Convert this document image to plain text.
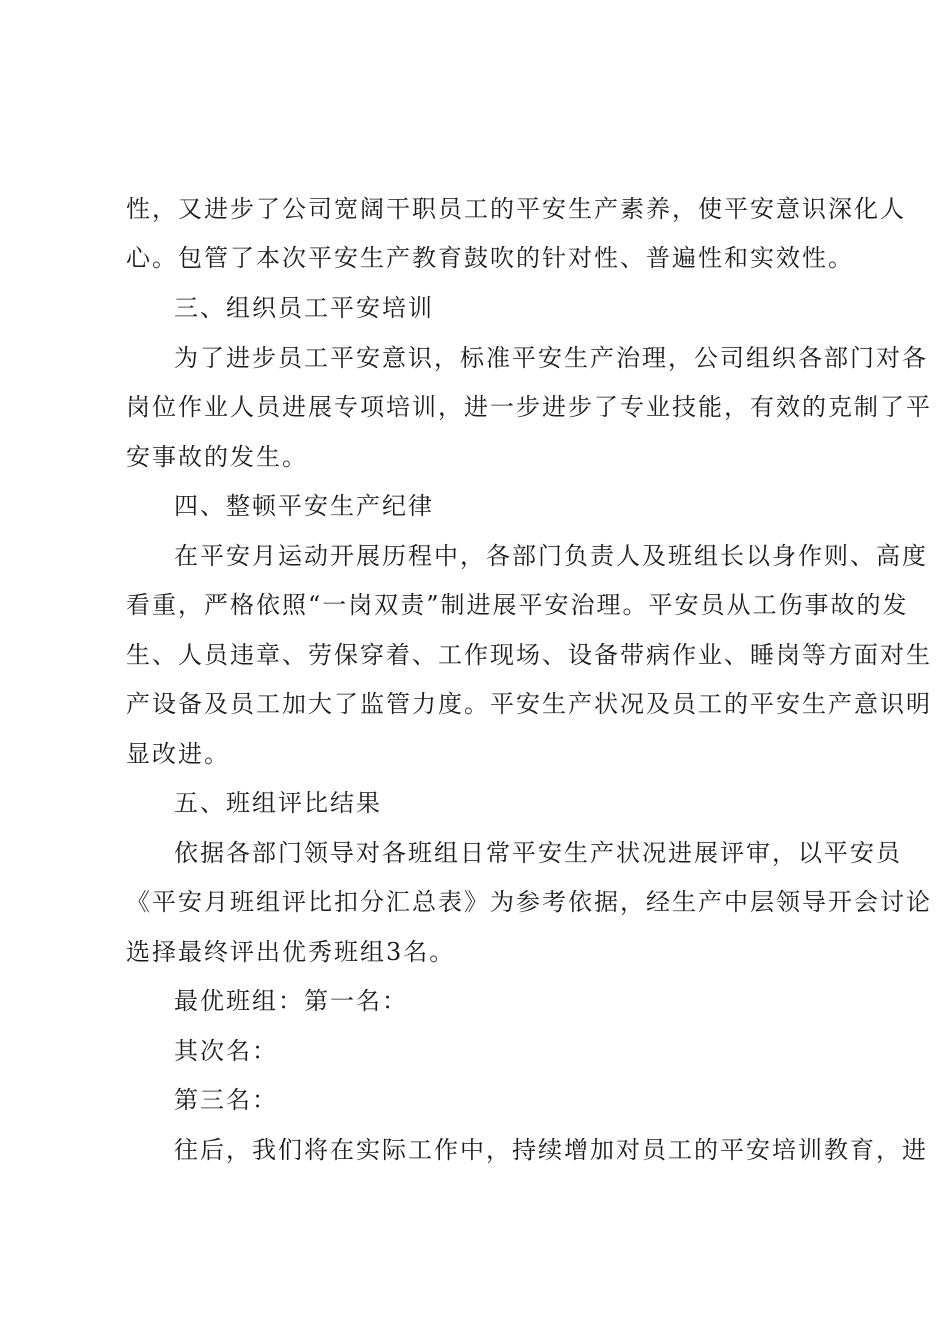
性，又进步了公司宽阔干职员工的平安生产素养，使平安意识深化人
心。包管了本次平安生产教育鼓吹的针对性、普遍性和实效性。
三、组织员工平安培训
为了进步员工平安意识，标准平安生产治理，公司组织各部门对各
岗位作业人员进展专项培训，进一步进步了专业技能，有效的克制了平
安事故的发生。
四、整顿平安生产纪律
在平安月运动开展历程中，各部门负责人及班组长以身作则、高度
看重，严格依照“一岗双责”制进展平安治理。平安员从工伤事故的发
生、人员违章、劳保穿着、工作现场、设备带病作业、睡岗等方面对生
产设备及员工加大了监管力度。平安生产状况及员工的平安生产意识明
显改进。
五、班组评比结果
依据各部门领导对各班组日常平安生产状况进展评审，以平安员
《平安月班组评比扣分汇总表》为参考依据，经生产中层领导开会讨论
选择最终评出优秀班组3名。
最优班组：第一名：
其次名：
第三名：
往后，我们将在实际工作中，持续增加对员工的平安培训教育，进
